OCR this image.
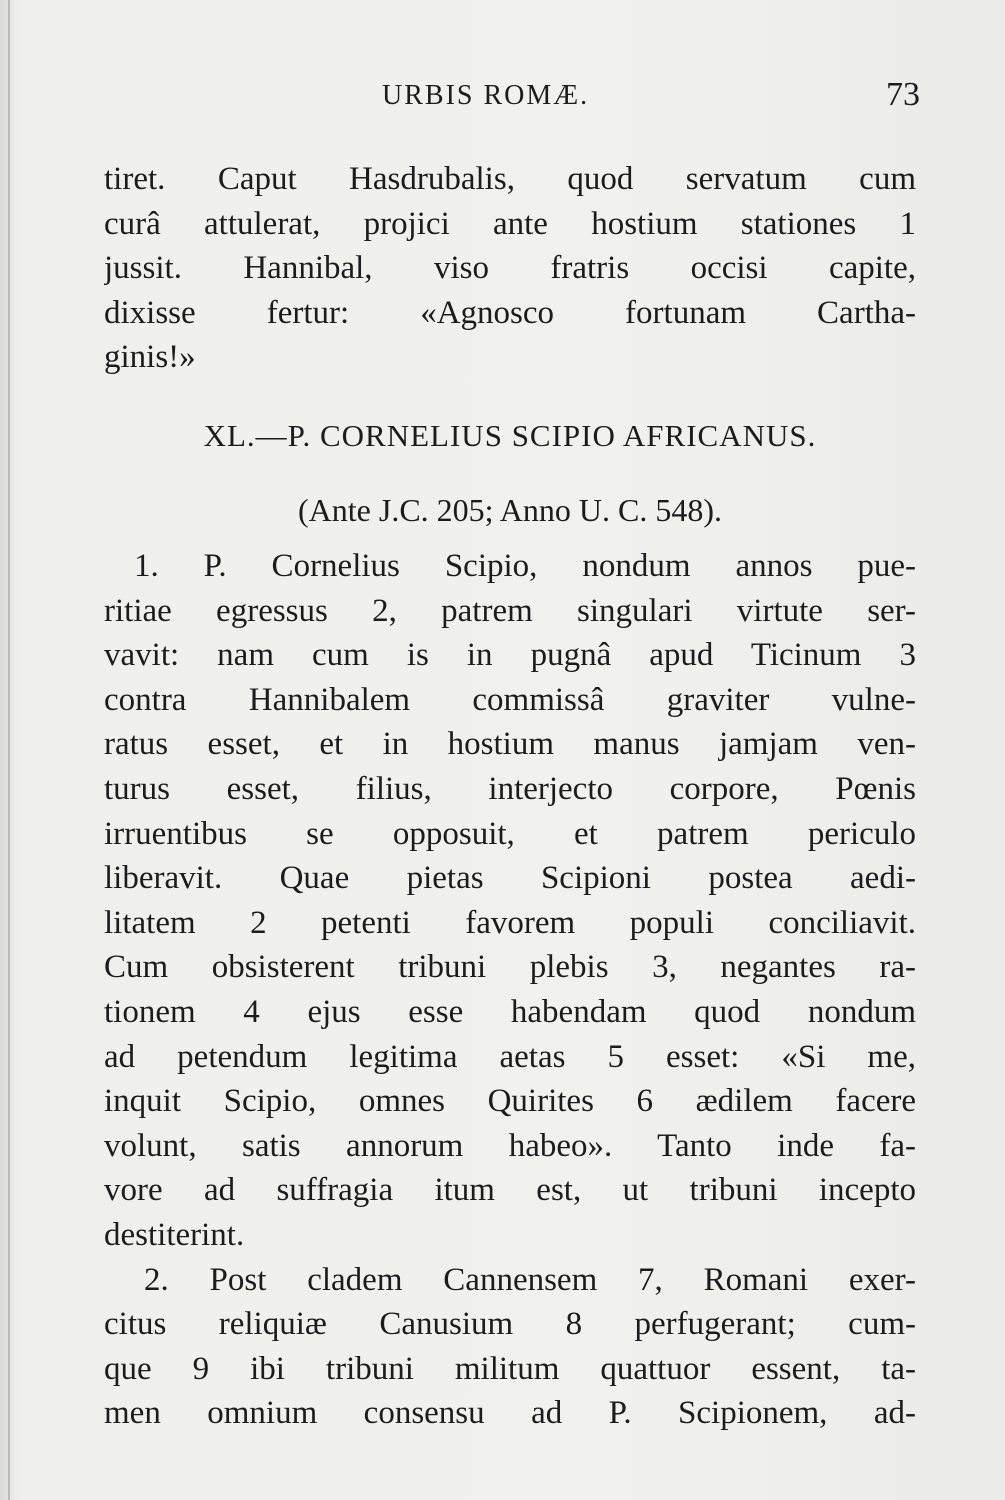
URBIS ROMÆ.	73
tiret. Caput Hasdrubalis, quod servatum cum
curâ attulerat, projici ante hostium stationes 1
jussit. Hannibal, viso fratris occisi capite,
dixisse fertur: «Agnosco fortunam Cartha-
ginis!»
XL.—P. CORNELIUS SCIPIO AFRICANUS.
(Ante J.C. 205; Anno U. C. 548).
1. P. Cornelius Scipio, nondum annos pue-
ritiae egressus 2, patrem singulari virtute ser-
vavit: nam cum is in pugnâ apud Ticinum 3
contra Hannibalem commissâ graviter vulne-
ratus esset, et in hostium manus jamjam ven-
turus esset, filius, interjecto corpore, Pœnis
irruentibus se opposuit, et patrem periculo
liberavit. Quae pietas Scipioni postea aedi-
litatem 2 petenti favorem populi conciliavit.
Cum obsisterent tribuni plebis 3, negantes ra-
tionem 4 ejus esse habendam quod nondum
ad petendum legitima aetas 5 esset: «Si me,
inquit Scipio, omnes Quirites 6 ædilem facere
volunt, satis annorum habeo». Tanto inde fa-
vore ad suffragia itum est, ut tribuni incepto
destiterint.
2. Post cladem Cannensem 7, Romani exer-
citus reliquiæ Canusium 8 perfugerant; cum-
que 9 ibi tribuni militum quattuor essent, ta-
men omnium consensu ad P. Scipionem, ad-
